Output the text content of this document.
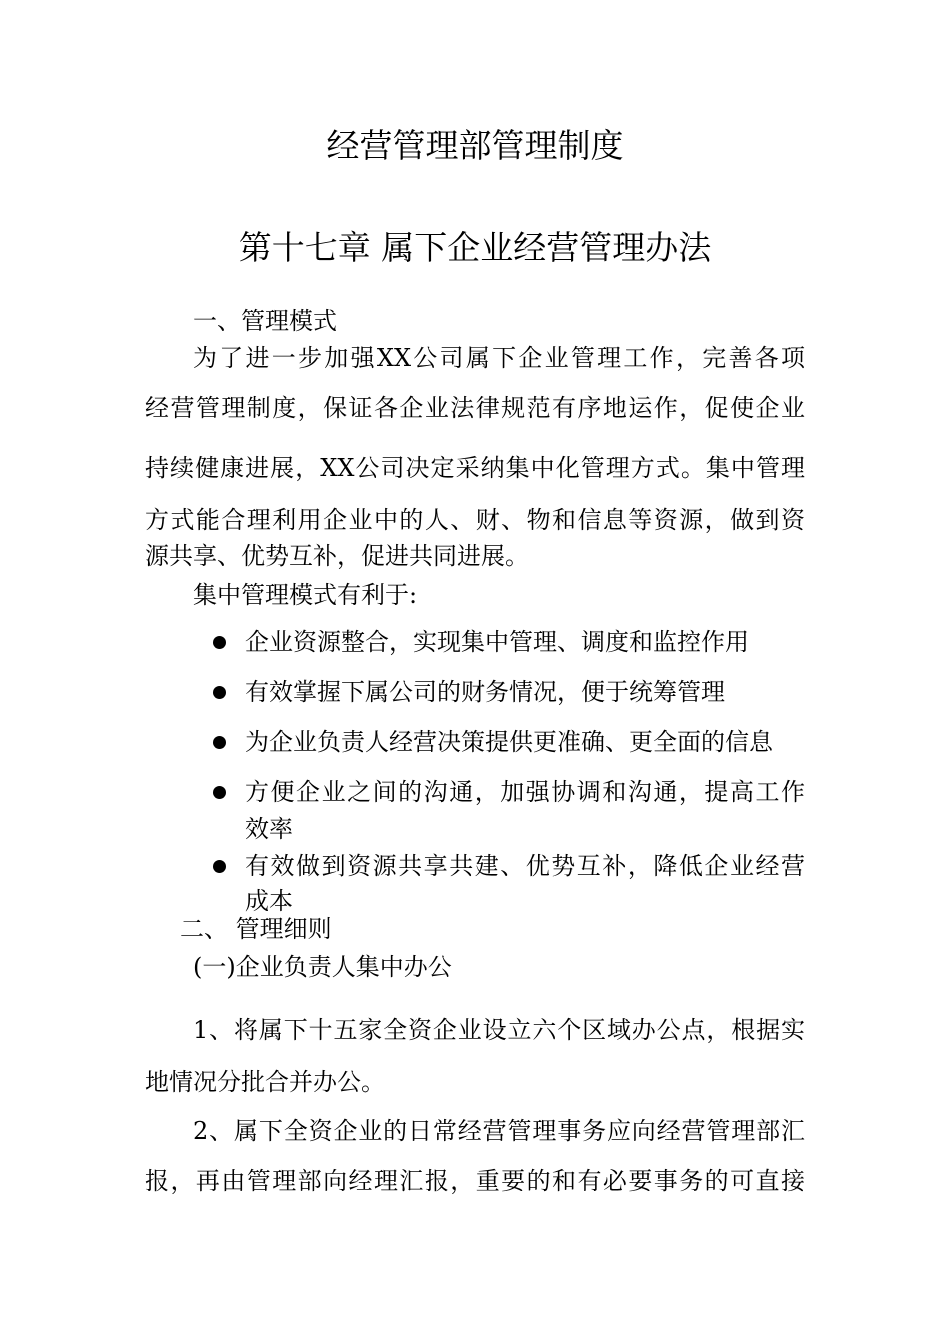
经营管理部管理制度
第十七章 属下企业经营管理办法
一、管理模式
为了进一步加强XX公司属下企业管理工作，完善各项
经营管理制度，保证各企业法律规范有序地运作，促使企业
持续健康进展，XX公司决定采纳集中化管理方式。集中管理
方式能合理利用企业中的人、财、物和信息等资源，做到资
源共享、优势互补，促进共同进展。
集中管理模式有利于:
企业资源整合，实现集中管理、调度和监控作用
有效掌握下属公司的财务情况，便于统筹管理
为企业负责人经营决策提供更准确、更全面的信息
方便企业之间的沟通，加强协调和沟通，提高工作
效率
有效做到资源共享共建、优势互补，降低企业经营
成本
二、 管理细则
(一)企业负责人集中办公
1、将属下十五家全资企业设立六个区域办公点，根据实
地情况分批合并办公。
2、属下全资企业的日常经营管理事务应向经营管理部汇
报，再由管理部向经理汇报，重要的和有必要事务的可直接
